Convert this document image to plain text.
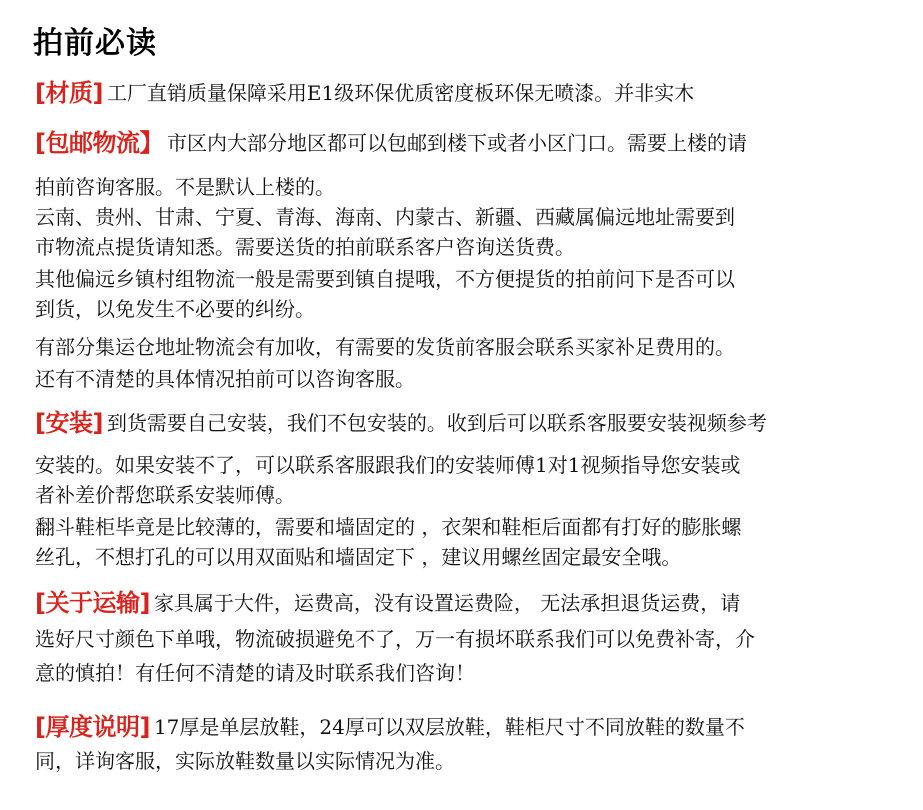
拍前必读
[材质] 工厂直销质量保障采用E1级环保优质密度板环保无喷漆。并非实木
[包邮物流】 市区内大部分地区都可以包邮到楼下或者小区门口。需要上楼的请
拍前咨询客服。不是默认上楼的。
云南、贵州、甘肃、宁夏、青海、海南、内蒙古、新疆、西藏属偏远地址需要到
市物流点提货请知悉。需要送货的拍前联系客户咨询送货费。
其他偏远乡镇村组物流一般是需要到镇自提哦，不方便提货的拍前问下是否可以
到货，以免发生不必要的纠纷。
有部分集运仓地址物流会有加收，有需要的发货前客服会联系买家补足费用的。
还有不清楚的具体情况拍前可以咨询客服。
[安装] 到货需要自己安装，我们不包安装的。收到后可以联系客服要安装视频参考
安装的。如果安装不了，可以联系客服跟我们的安装师傅1对1视频指导您安装或
者补差价帮您联系安装师傅。
翻斗鞋柜毕竟是比较薄的，需要和墙固定的 ，衣架和鞋柜后面都有打好的膨胀螺
丝孔，不想打孔的可以用双面贴和墙固定下 ，建议用螺丝固定最安全哦。
[关于运输] 家具属于大件，运费高，没有设置运费险， 无法承担退货运费，请
选好尺寸颜色下单哦，物流破损避免不了，万一有损坏联系我们可以免费补寄，介
意的慎拍！有任何不清楚的请及时联系我们咨询！
[厚度说明] 17厚是单层放鞋，24厚可以双层放鞋，鞋柜尺寸不同放鞋的数量不
同，详询客服，实际放鞋数量以实际情况为准。
